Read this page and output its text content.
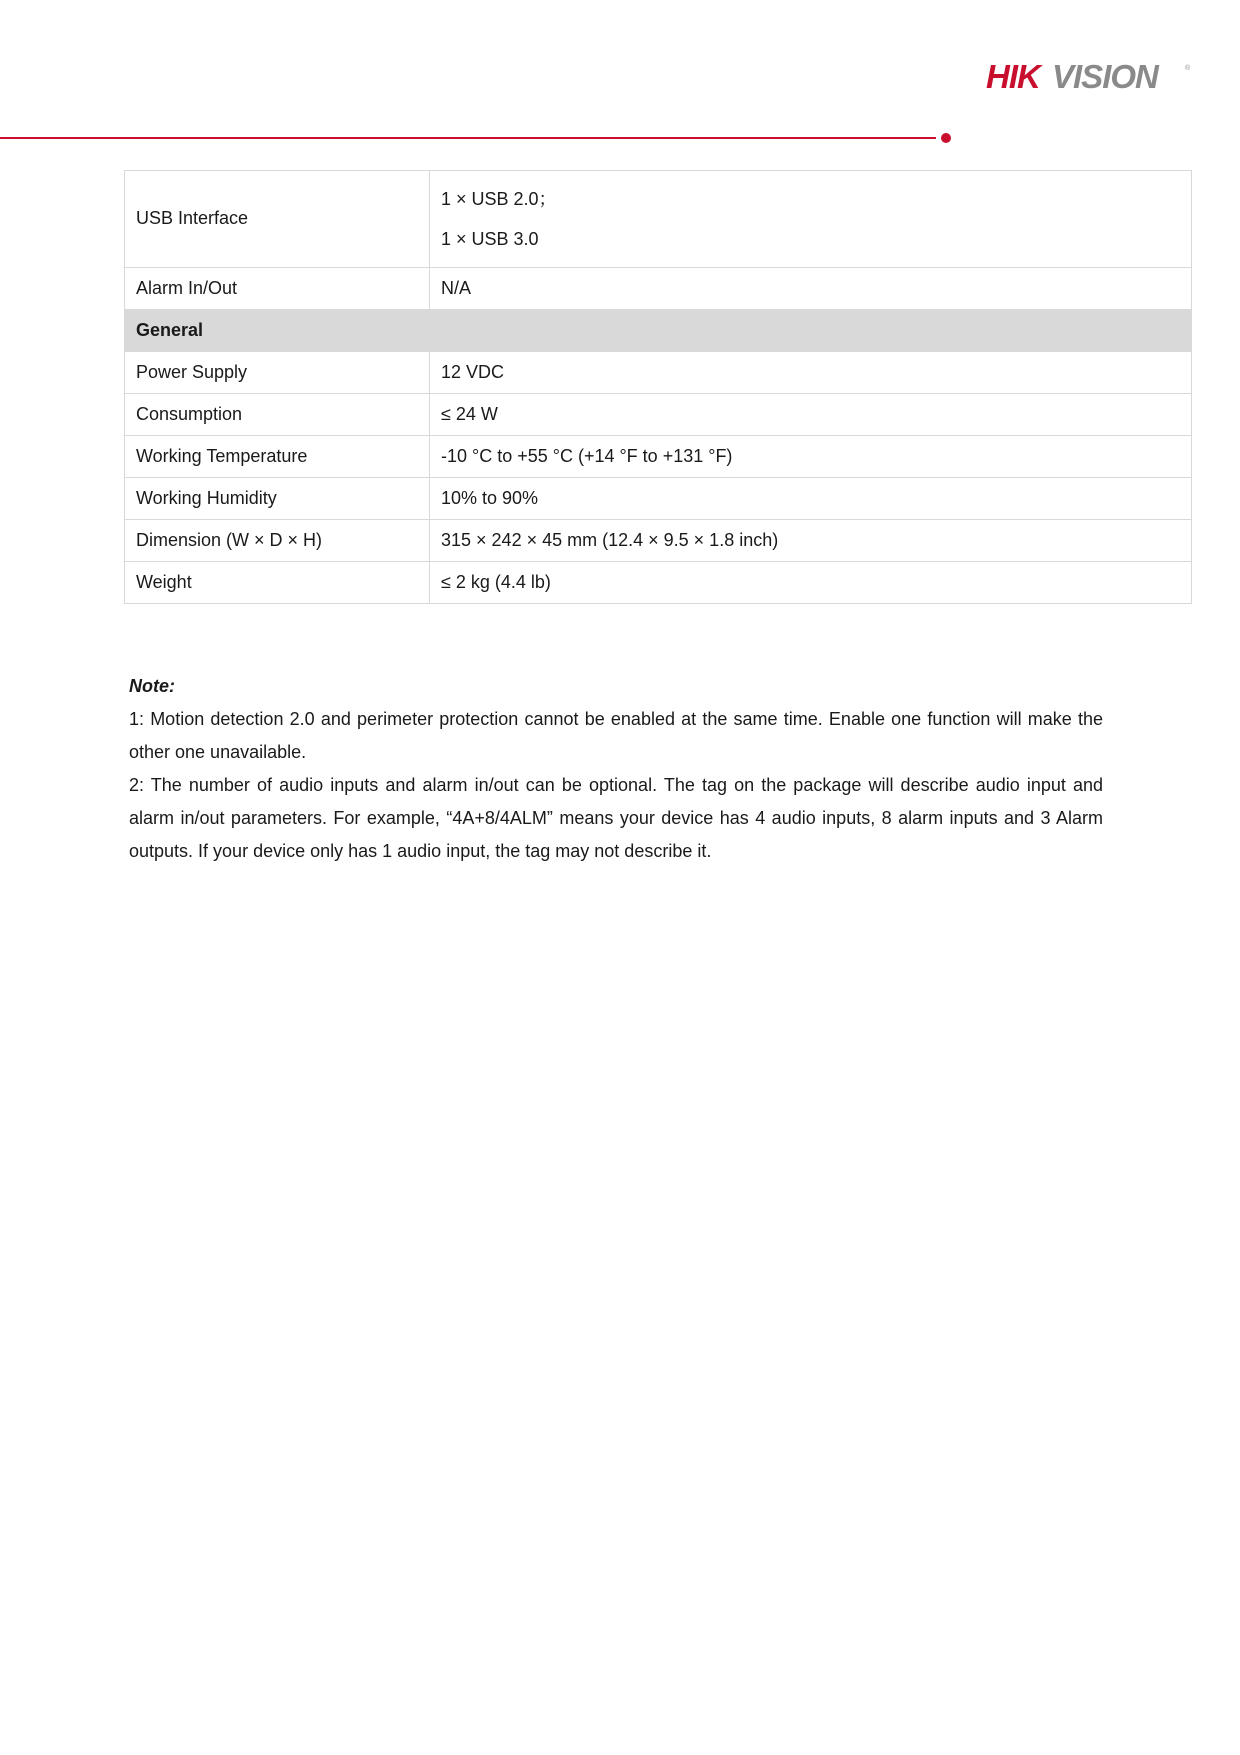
HIK VISION	®
USB Interface	1 × USB 2.0；
1 × USB 3.0

Alarm In/Out	N/A
General	
Power Supply	12 VDC
Consumption	≤ 24 W
Working Temperature	-10 °C to +55 °C (+14 °F to +131 °F)
Working Humidity	10% to 90%
Dimension (W × D × H)	315 × 242 × 45 mm (12.4 × 9.5 × 1.8 inch)
Weight	≤ 2 kg (4.4 lb)

Note:

1: Motion detection 2.0 and perimeter protection cannot be enabled at the same time. Enable one function will make the other one unavailable.

2: The number of audio inputs and alarm in/out can be optional. The tag on the package will describe audio input and alarm in/out parameters. For example, “4A+8/4ALM” means your device has 4 audio inputs, 8 alarm inputs and 3 Alarm outputs. If your device only has 1 audio input, the tag may not describe it.
